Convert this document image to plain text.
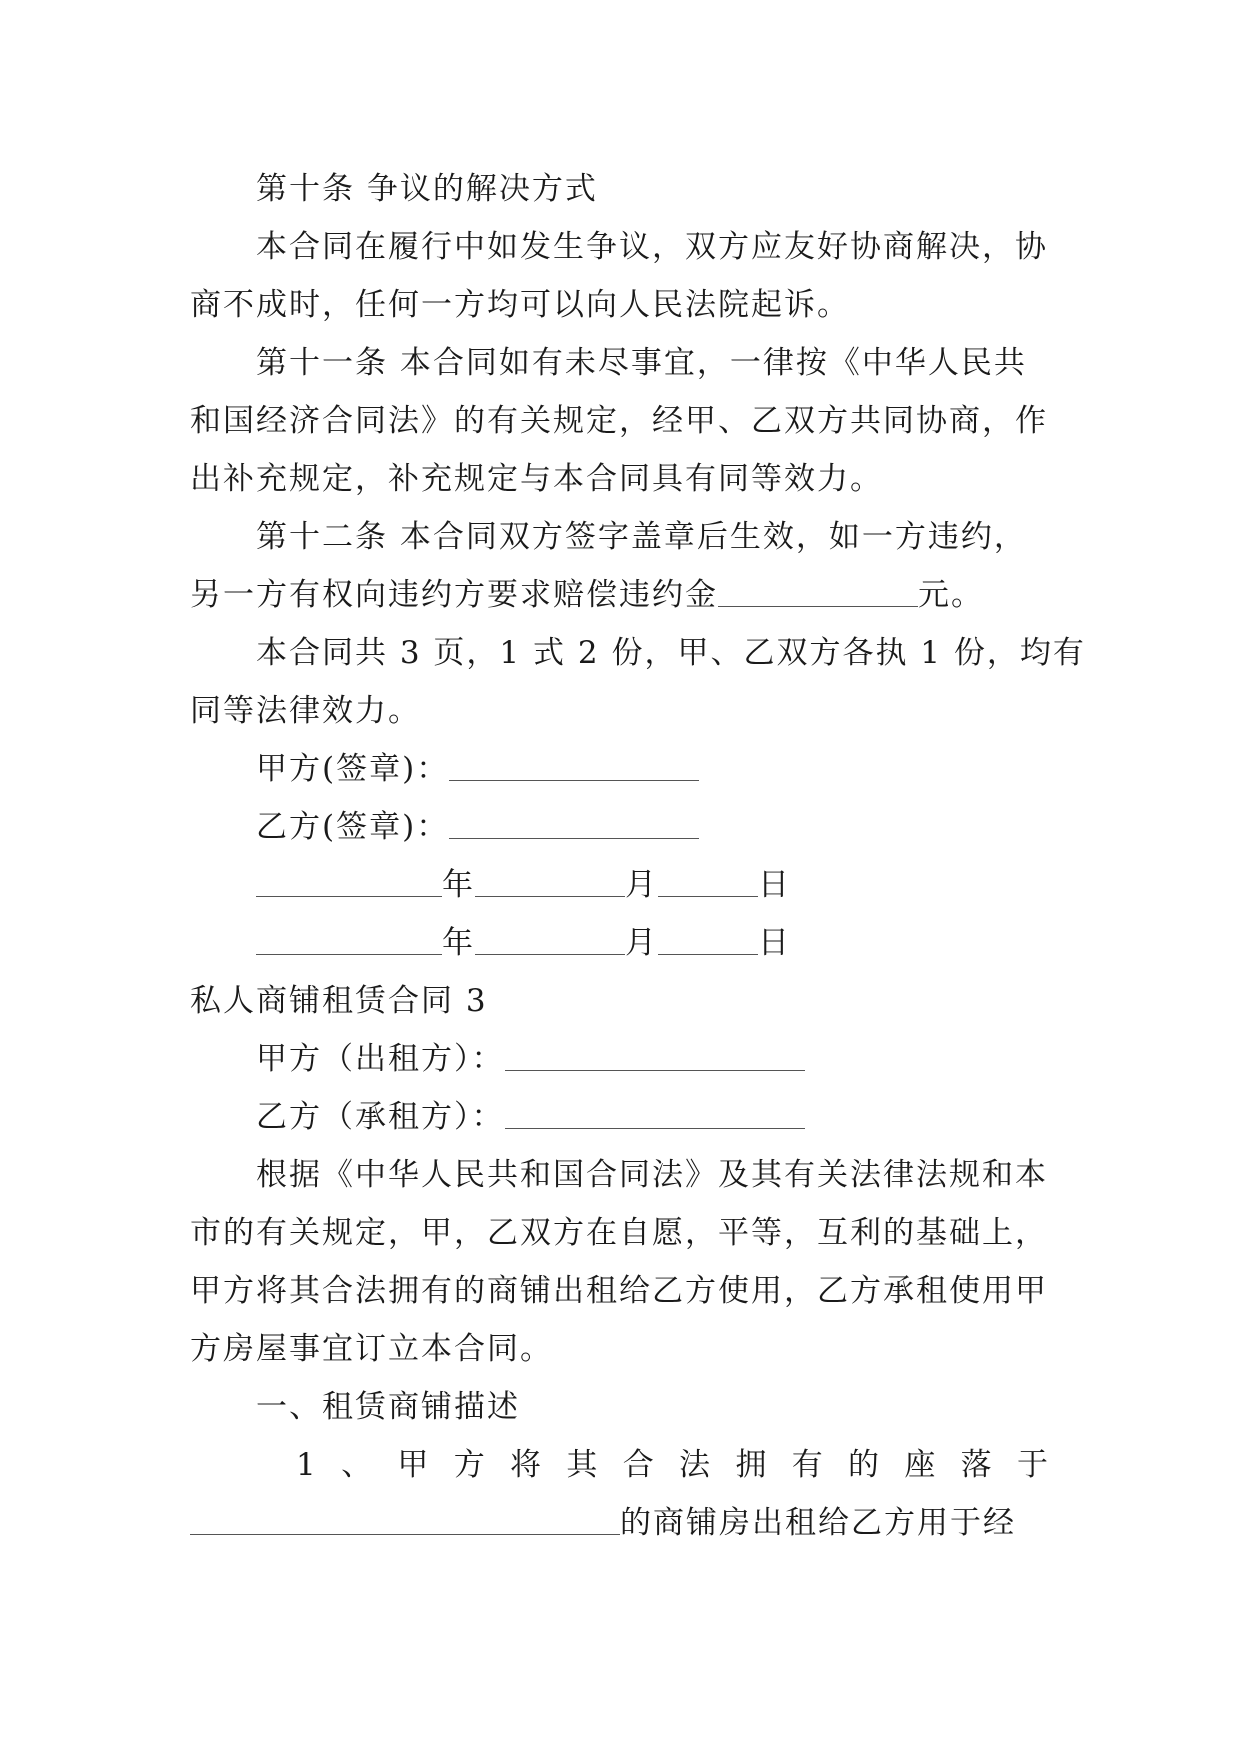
第十条 争议的解决方式
本合同在履行中如发生争议，双方应友好协商解决，协
商不成时，任何一方均可以向人民法院起诉。
第十一条 本合同如有未尽事宜，一律按《中华人民共
和国经济合同法》的有关规定，经甲、乙双方共同协商，作
出补充规定，补充规定与本合同具有同等效力。
第十二条 本合同双方签字盖章后生效，如一方违约，
另一方有权向违约方要求赔偿违约金	元。
本合同共 3 页，1 式 2 份，甲、乙双方各执 1 份，均有
同等法律效力。
甲方(签章)：
乙方(签章)：
年	月	日
年	月	日
私人商铺租赁合同 3
甲方（出租方）：
乙方（承租方）：
根据《中华人民共和国合同法》及其有关法律法规和本
市的有关规定，甲，乙双方在自愿，平等，互利的基础上，
甲方将其合法拥有的商铺出租给乙方使用，乙方承租使用甲
方房屋事宜订立本合同。
一、租赁商铺描述
1 、 甲 方 将 其 合 法 拥 有 的 座 落 于
的商铺房出租给乙方用于经
